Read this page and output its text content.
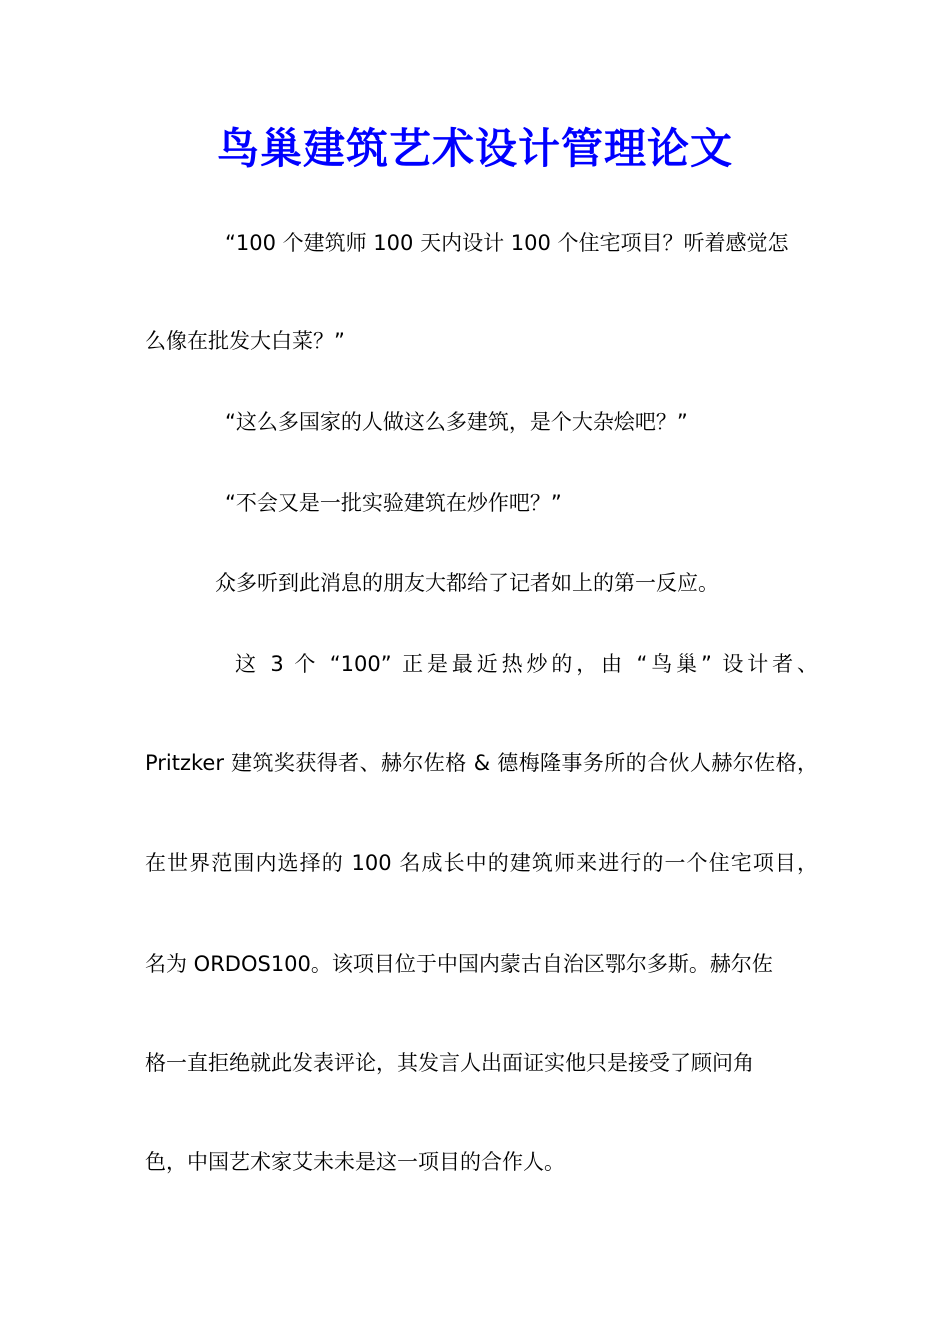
鸟巢建筑艺术设计管理论文
“100 个建筑师 100 天内设计 100 个住宅项目？听着感觉怎
么像在批发大白菜？”
“这么多国家的人做这么多建筑，是个大杂烩吧？”
“不会又是一批实验建筑在炒作吧？”
众多听到此消息的朋友大都给了记者如上的第一反应。
这 3 个 “100” 正是最近热炒的，由 “鸟巢” 设计者、
Pritzker 建筑奖获得者、赫尔佐格 & 德梅隆事务所的合伙人赫尔佐格，
在世界范围内选择的 100 名成长中的建筑师来进行的一个住宅项目，
名为 ORDOS100。该项目位于中国内蒙古自治区鄂尔多斯。赫尔佐
格一直拒绝就此发表评论，其发言人出面证实他只是接受了顾问角
色，中国艺术家艾未未是这一项目的合作人。
